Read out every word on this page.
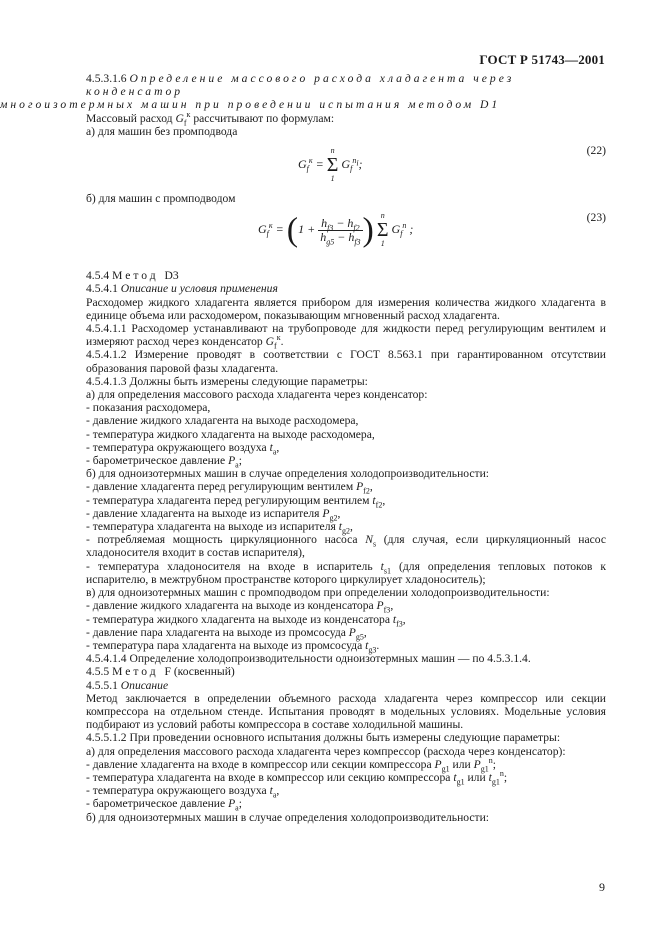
ГОСТ Р 51743—2001

4.5.3.1.6 Определение массового расхода хладагента через конденсатор
многоизотермных машин при проведении испытания методом D1

Массовый расход $G_f^к$ рассчитывают по формулам:

а) для машин без промподвода

$G_f^к$ =
n
Σ
1
$G_f^{n_i}$;
(22)

б) для машин с промподводом

$G_f^к = (1 + \frac{h_{f3} - h_{f2}}{h_{g5} - h_{f3}}$ ) n
Σ
1
$G_f^n$ ;
(23)

4.5.4 Метод D3

4.5.4.1 Описание и условия применения

Расходомер жидкого хладагента является прибором для измерения количества жидкого хладагента в единице объема или расходомером, показывающим мгновенный расход хладагента.

4.5.4.1.1 Расходомер устанавливают на трубопроводе для жидкости перед регулирующим вентилем и измеряют расход через конденсатор $G_f^к$.

4.5.4.1.2 Измерение проводят в соответствии с ГОСТ 8.563.1 при гарантированном отсутствии образования паровой фазы хладагента.

4.5.4.1.3 Должны быть измерены следующие параметры:

а) для определения массового расхода хладагента через конденсатор:

- показания расходомера,

- давление жидкого хладагента на выходе расходомера,

- температура жидкого хладагента на выходе расходомера,

- температура окружающего воздуха $t_a$,

- барометрическое давление $P_a$;

б) для одноизотермных машин в случае определения холодопроизводительности:

- давление хладагента перед регулирующим вентилем $P_{f2}$,

- температура хладагента перед регулирующим вентилем $t_{f2}$,

- давление хладагента на выходе из испарителя $P_{g2}$,

- температура хладагента на выходе из испарителя $t_{g2}$,

- потребляемая мощность циркуляционного насоса $N_s$ (для случая, если циркуляционный насос хладоносителя входит в состав испарителя),

- температура хладоносителя на входе в испаритель $t_{s1}$ (для определения тепловых потоков к испарителю, в межтрубном пространстве которого циркулирует хладоноситель);

в) для одноизотермных машин с промподводом при определении холодопроизводительности:

- давление жидкого хладагента на выходе из конденсатора $P_{f3}$,

- температура жидкого хладагента на выходе из конденсатора $t_{f3}$,

- давление пара хладагента на выходе из промсосуда $P_{g5}$,

- температура пара хладагента на выходе из промсосуда $t_{g3}$.

4.5.4.1.4 Определение холодопроизводительности одноизотермных машин — по 4.5.3.1.4.

4.5.5 Метод F (косвенный)

4.5.5.1 Описание

Метод заключается в определении объемного расхода хладагента через компрессор или секции компрессора на отдельном стенде. Испытания проводят в модельных условиях. Модельные условия подбирают из условий работы компрессора в составе холодильной машины.

4.5.5.1.2 При проведении основного испытания должны быть измерены следующие параметры:

а) для определения массового расхода хладагента через компрессор (расхода через конденсатор):

- давление хладагента на входе в компрессор или секции компрессора $P_{g1}$ или $P_{g1}^n$;

- температура хладагента на входе в компрессор или секцию компрессора $t_{g1}$ или $t_{g1}^n$;

- температура окружающего воздуха $t_a$,

- барометрическое давление $P_a$;

б) для одноизотермных машин в случае определения холодопроизводительности:

9
